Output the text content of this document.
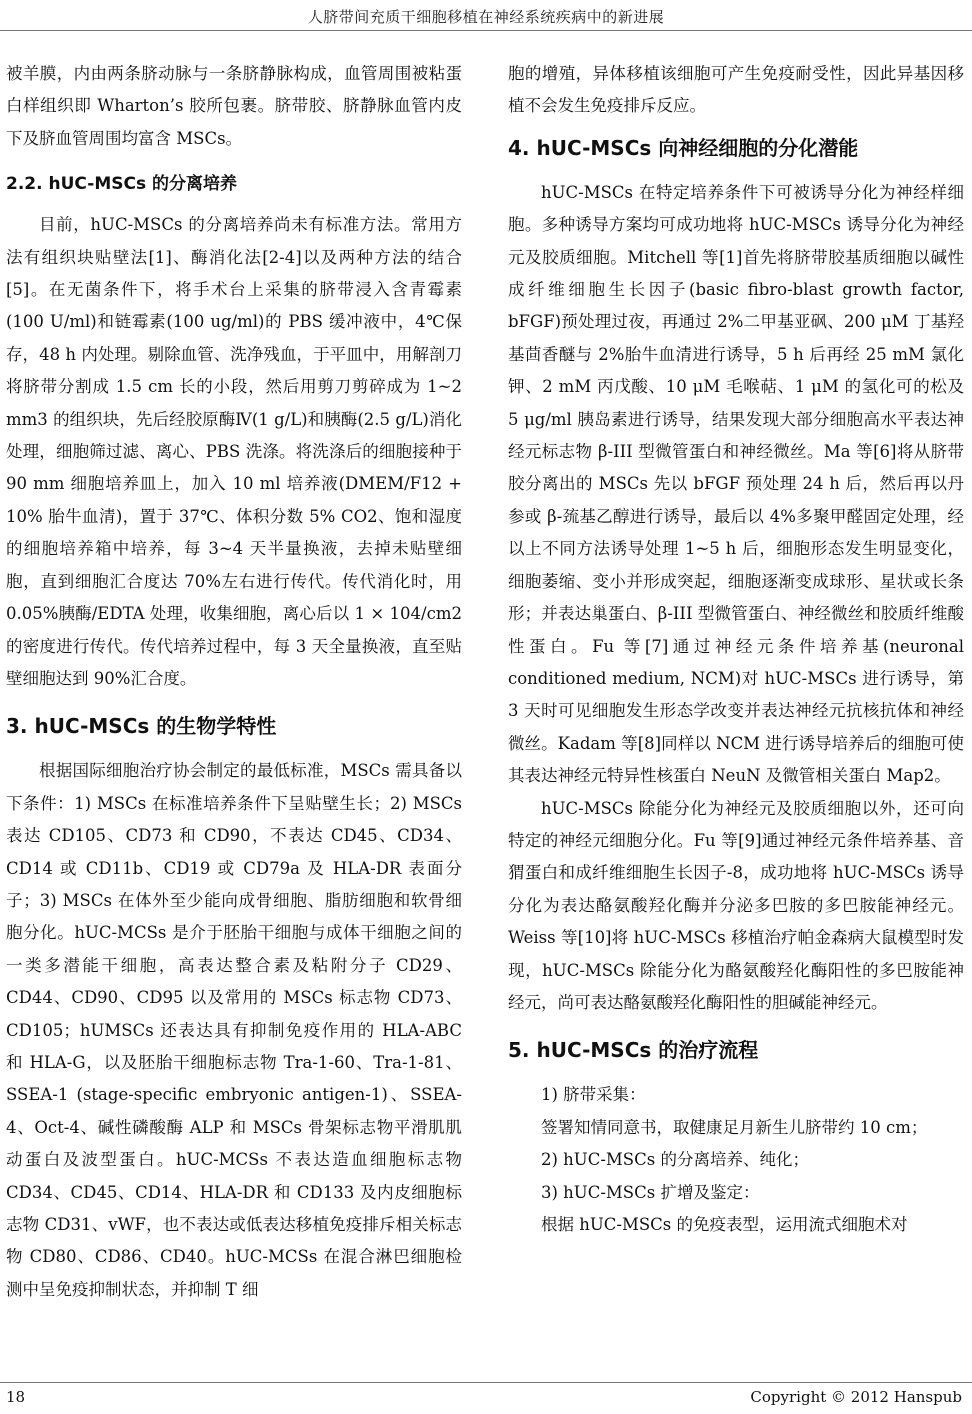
人脐带间充质干细胞移植在神经系统疾病中的新进展

被羊膜，内由两条脐动脉与一条脐静脉构成，血管周围被粘蛋白样组织即 Wharton’s 胶所包裹。脐带胶、脐静脉血管内皮下及脐血管周围均富含 MSCs。

2.2. hUC-MSCs 的分离培养

目前，hUC-MSCs 的分离培养尚未有标准方法。常用方法有组织块贴壁法[1]、酶消化法[2-4]以及两种方法的结合[5]。在无菌条件下，将手术台上采集的脐带浸入含青霉素(100 U/ml)和链霉素(100 ug/ml)的 PBS 缓冲液中，4℃保存，48 h 内处理。剔除血管、洗净残血，于平皿中，用解剖刀将脐带分割成 1.5 cm 长的小段，然后用剪刀剪碎成为 1~2 mm3 的组织块，先后经胶原酶Ⅳ(1 g/L)和胰酶(2.5 g/L)消化处理，细胞筛过滤、离心、PBS 洗涤。将洗涤后的细胞接种于 90 mm 细胞培养皿上，加入 10 ml 培养液(DMEM/F12 + 10% 胎牛血清)，置于 37℃、体积分数 5% CO2、饱和湿度的细胞培养箱中培养，每 3~4 天半量换液，去掉未贴壁细胞，直到细胞汇合度达 70%左右进行传代。传代消化时，用 0.05%胰酶/EDTA 处理，收集细胞，离心后以 1 × 104/cm2 的密度进行传代。传代培养过程中，每 3 天全量换液，直至贴壁细胞达到 90%汇合度。

3. hUC-MSCs 的生物学特性

根据国际细胞治疗协会制定的最低标准，MSCs 需具备以下条件：1) MSCs 在标准培养条件下呈贴壁生长；2) MSCs 表达 CD105、CD73 和 CD90，不表达 CD45、CD34、CD14 或 CD11b、CD19 或 CD79a 及 HLA-DR 表面分子；3) MSCs 在体外至少能向成骨细胞、脂肪细胞和软骨细胞分化。hUC-MCSs 是介于胚胎干细胞与成体干细胞之间的一类多潜能干细胞，高表达整合素及粘附分子 CD29、CD44、CD90、CD95 以及常用的 MSCs 标志物 CD73、CD105；hUMSCs 还表达具有抑制免疫作用的 HLA-ABC 和 HLA-G，以及胚胎干细胞标志物 Tra-1-60、Tra-1-81、SSEA-1 (stage-specific embryonic antigen-1)、SSEA-4、Oct-4、碱性磷酸酶 ALP 和 MSCs 骨架标志物平滑肌肌动蛋白及波型蛋白。hUC-MCSs 不表达造血细胞标志物 CD34、CD45、CD14、HLA-DR 和 CD133 及内皮细胞标志物 CD31、vWF，也不表达或低表达移植免疫排斥相关标志物 CD80、CD86、CD40。hUC-MCSs 在混合淋巴细胞检测中呈免疫抑制状态，并抑制 T 细

胞的增殖，异体移植该细胞可产生免疫耐受性，因此异基因移植不会发生免疫排斥反应。

4. hUC-MSCs 向神经细胞的分化潜能

hUC-MSCs 在特定培养条件下可被诱导分化为神经样细胞。多种诱导方案均可成功地将 hUC-MSCs 诱导分化为神经元及胶质细胞。Mitchell 等[1]首先将脐带胶基质细胞以碱性成纤维细胞生长因子(basic fibro-blast growth factor, bFGF)预处理过夜，再通过 2%二甲基亚砜、200 μM 丁基羟基茴香醚与 2%胎牛血清进行诱导，5 h 后再经 25 mM 氯化钾、2 mM 丙戊酸、10 μM 毛喉萜、1 μM 的氢化可的松及 5 μg/ml 胰岛素进行诱导，结果发现大部分细胞高水平表达神经元标志物 β-III 型微管蛋白和神经微丝。Ma 等[6]将从脐带胶分离出的 MSCs 先以 bFGF 预处理 24 h 后，然后再以丹参或 β-巯基乙醇进行诱导，最后以 4%多聚甲醛固定处理，经以上不同方法诱导处理 1~5 h 后，细胞形态发生明显变化，细胞萎缩、变小并形成突起，细胞逐渐变成球形、星状或长条形；并表达巢蛋白、β-III 型微管蛋白、神经微丝和胶质纤维酸性蛋白。Fu 等[7]通过神经元条件培养基(neuronal conditioned medium, NCM)对 hUC-MSCs 进行诱导，第 3 天时可见细胞发生形态学改变并表达神经元抗核抗体和神经微丝。Kadam 等[8]同样以 NCM 进行诱导培养后的细胞可使其表达神经元特异性核蛋白 NeuN 及微管相关蛋白 Map2。

hUC-MSCs 除能分化为神经元及胶质细胞以外，还可向特定的神经元细胞分化。Fu 等[9]通过神经元条件培养基、音猬蛋白和成纤维细胞生长因子-8，成功地将 hUC-MSCs 诱导分化为表达酪氨酸羟化酶并分泌多巴胺的多巴胺能神经元。Weiss 等[10]将 hUC-MSCs 移植治疗帕金森病大鼠模型时发现，hUC-MSCs 除能分化为酪氨酸羟化酶阳性的多巴胺能神经元，尚可表达酪氨酸羟化酶阳性的胆碱能神经元。

5. hUC-MSCs 的治疗流程

1) 脐带采集：

签署知情同意书，取健康足月新生儿脐带约 10 cm；

2) hUC-MSCs 的分离培养、纯化；

3) hUC-MSCs 扩增及鉴定：

根据 hUC-MSCs 的免疫表型，运用流式细胞术对

18	Copyright © 2012 Hanspub
